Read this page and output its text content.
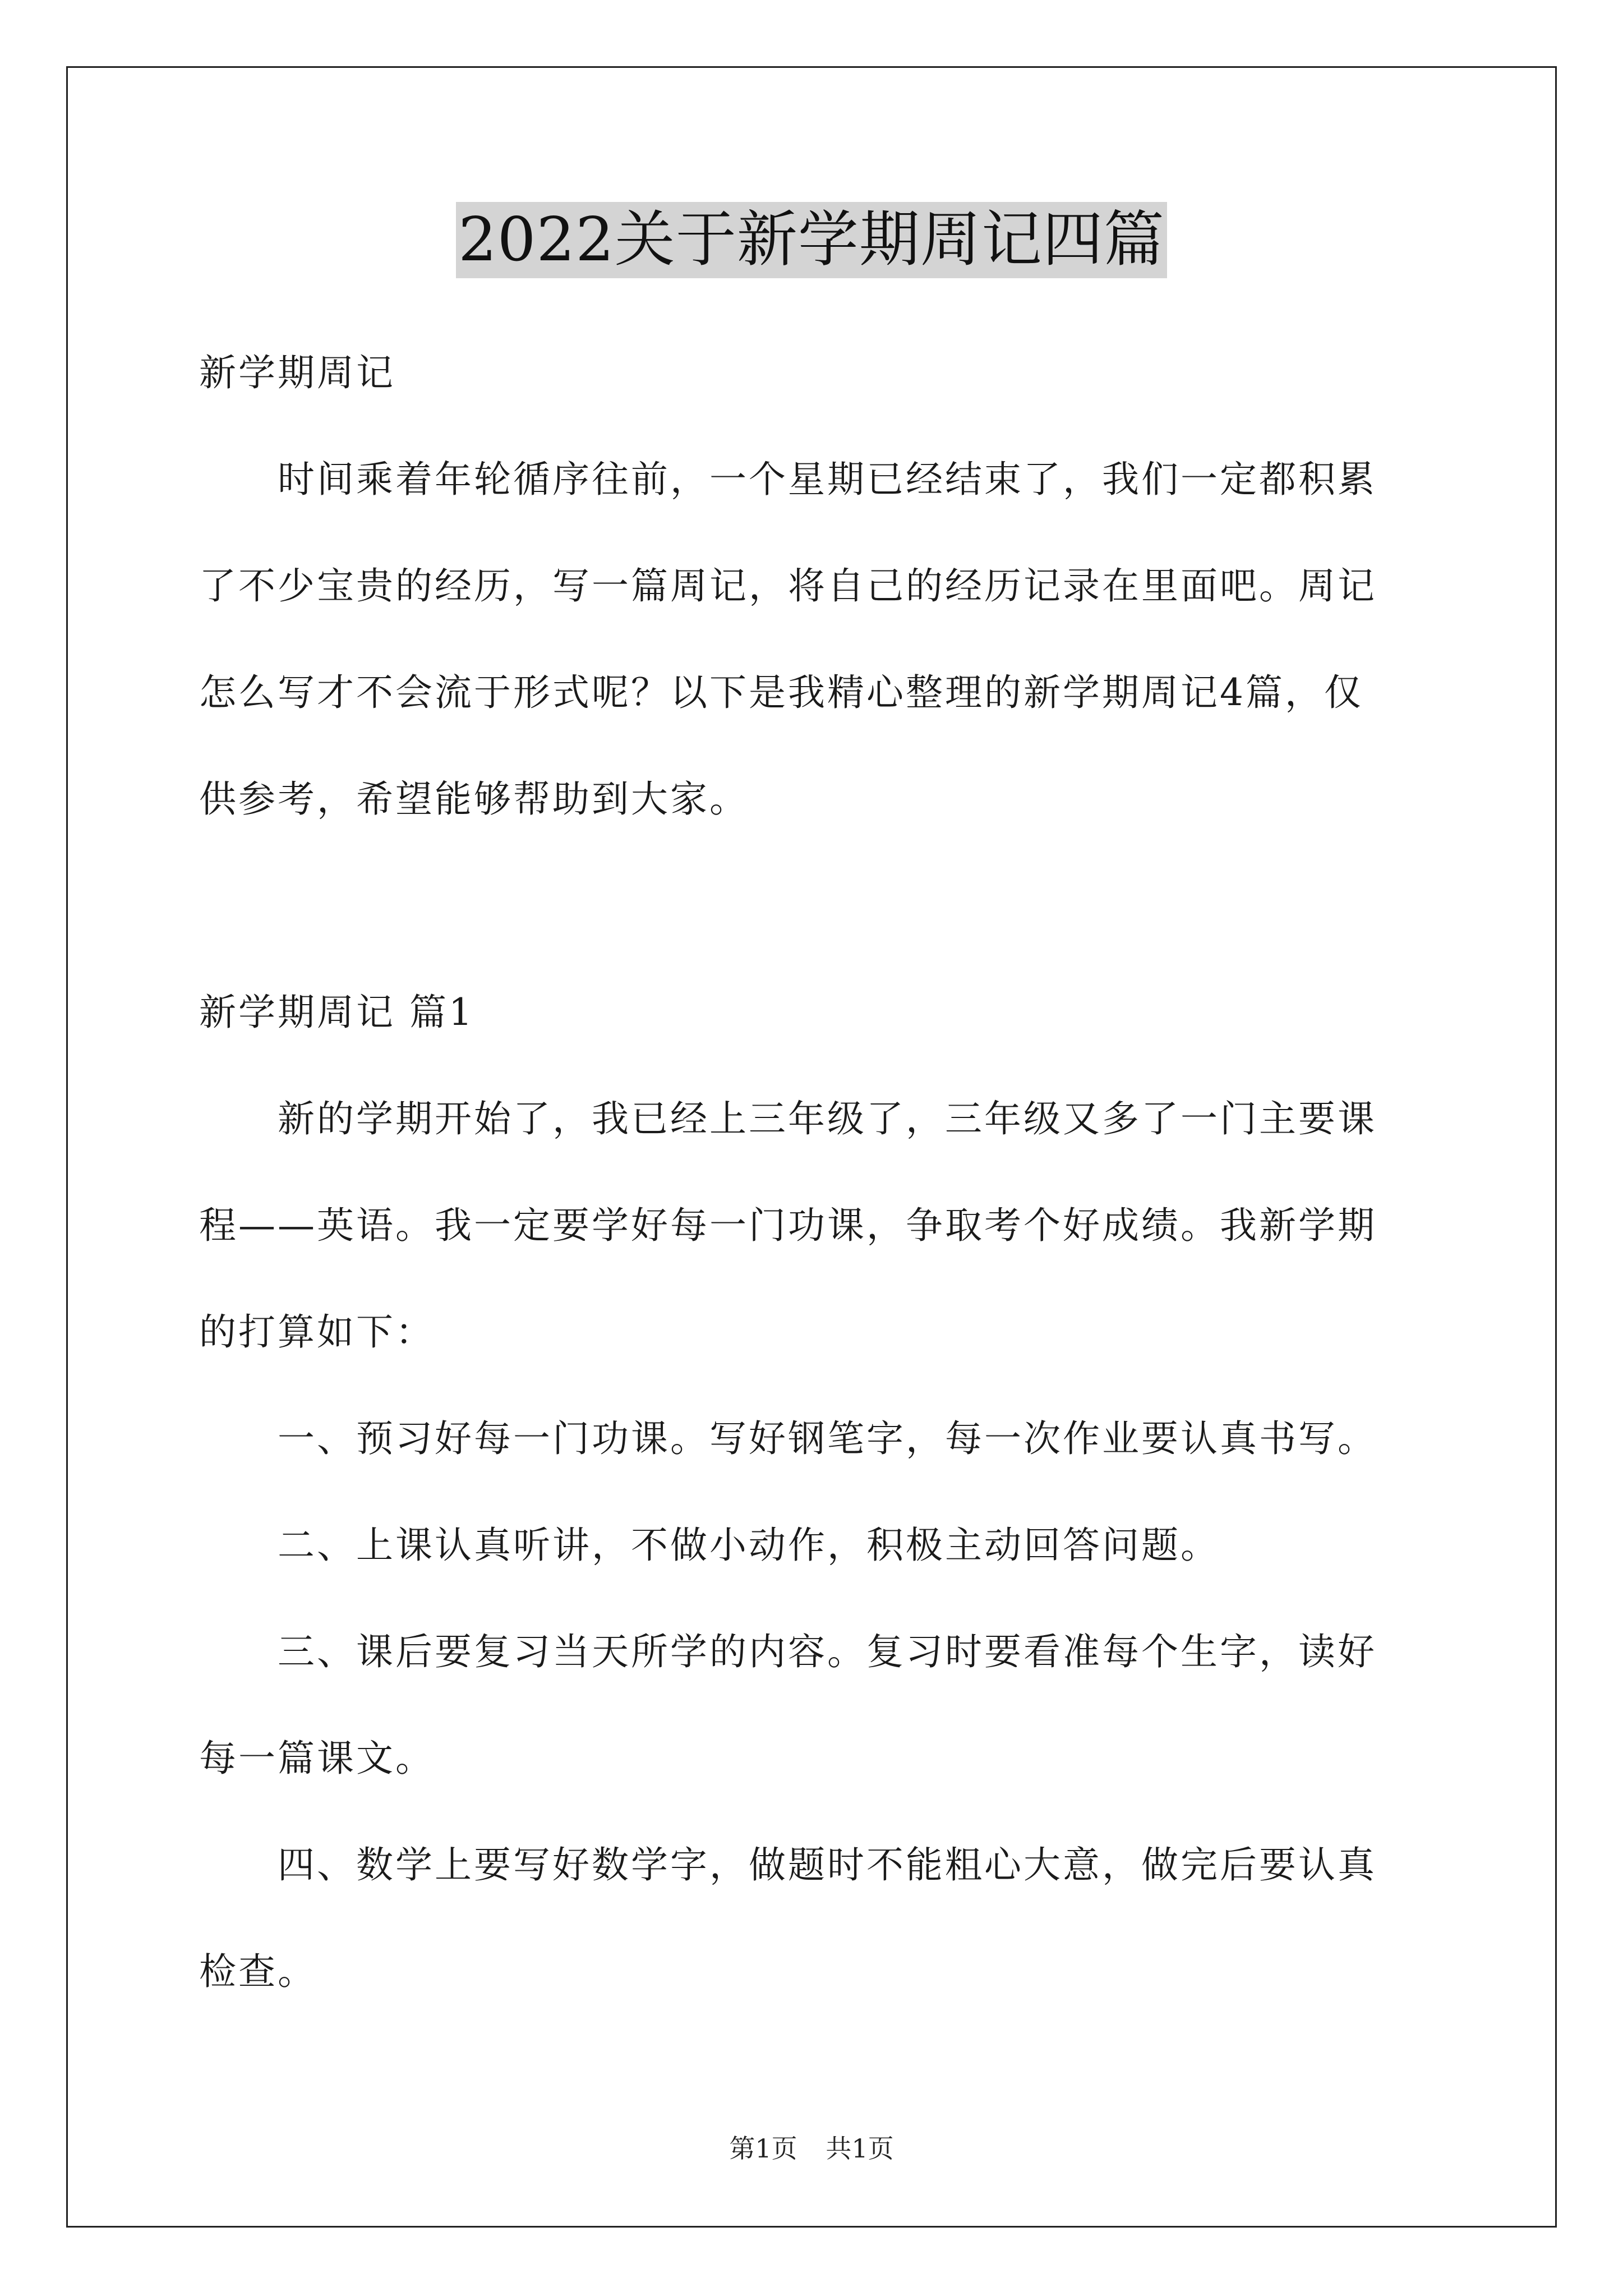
2022关于新学期周记四篇
新学期周记
时间乘着年轮循序往前，一个星期已经结束了，我们一定都积累
了不少宝贵的经历，写一篇周记，将自己的经历记录在里面吧。周记
怎么写才不会流于形式呢？以下是我精心整理的新学期周记4篇，仅
供参考，希望能够帮助到大家。
新学期周记 篇1
新的学期开始了，我已经上三年级了，三年级又多了一门主要课
程——英语。我一定要学好每一门功课，争取考个好成绩。我新学期
的打算如下：
一、预习好每一门功课。写好钢笔字，每一次作业要认真书写。
二、上课认真听讲，不做小动作，积极主动回答问题。
三、课后要复习当天所学的内容。复习时要看准每个生字，读好
每一篇课文。
四、数学上要写好数学字，做题时不能粗心大意，做完后要认真
检查。
第1页 共1页
